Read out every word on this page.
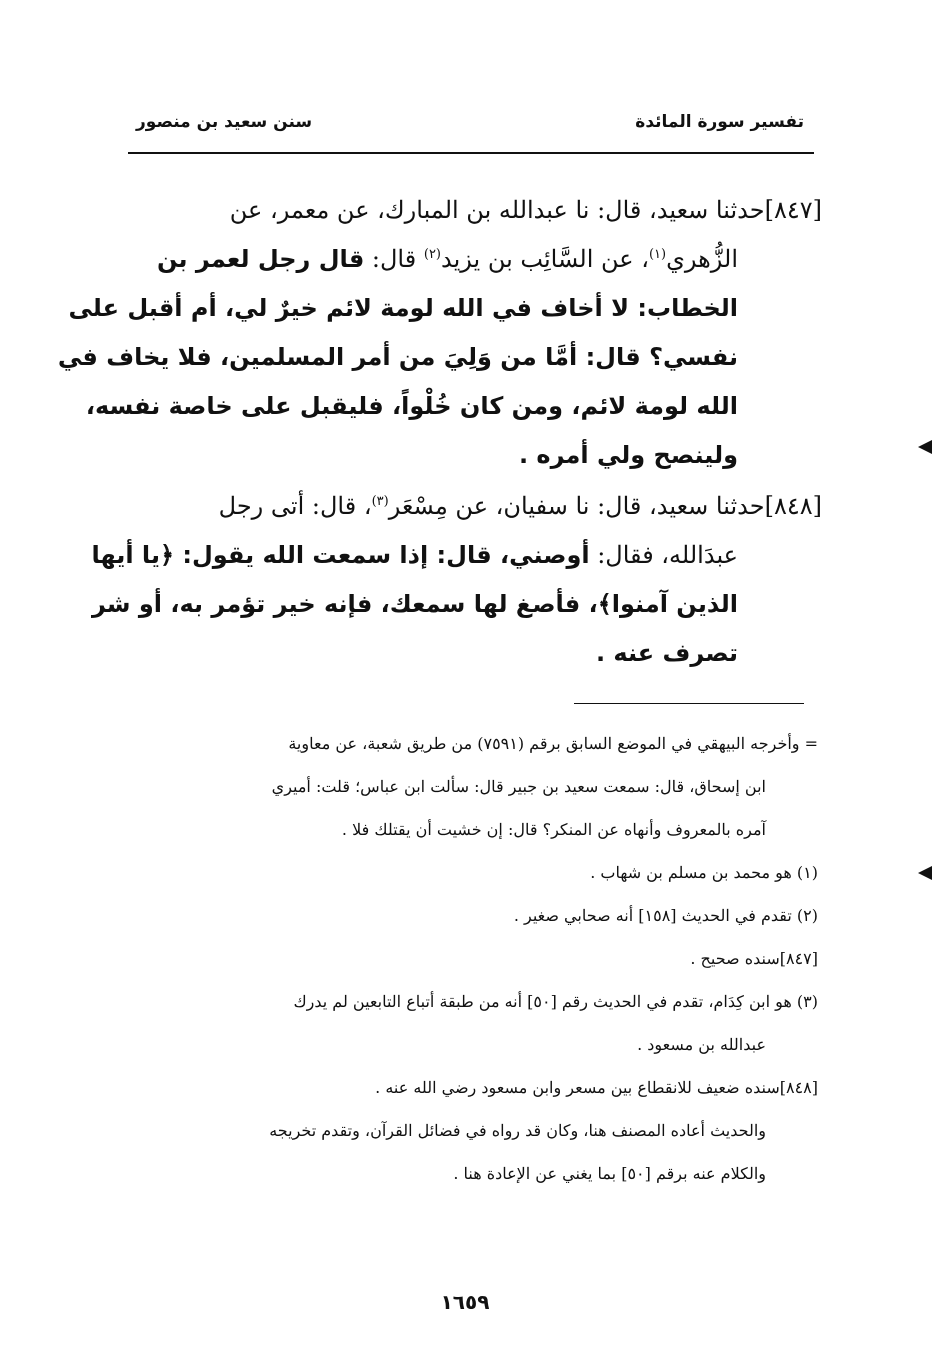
تفسير سورة المائدة
سنن سعيد بن منصور
[٨٤٧]حدثنا سعيد، قال: نا عبدالله بن المبارك، عن معمر، عن
الزُّهري$^{(١)}$، عن السَّائِب بن يزيد$^{(٢)}$ قال: قال رجل لعمر بن
الخطاب: لا أخاف في الله لومة لائم خيرٌ لي، أم أقبل على
نفسي؟ قال: أمَّا من وَلِيَ من أمر المسلمين، فلا يخاف في
الله لومة لائم، ومن كان خُلْواً، فليقبل على خاصة نفسه،
ولينصح ولي أمره .
[٨٤٨]حدثنا سعيد، قال: نا سفيان، عن مِسْعَر$^{(٣)}$، قال: أتى رجل
عبدَالله، فقال: أوصني، قال: إذا سمعت الله يقول: ﴿يا أيها
الذين آمنوا﴾، فأصغ لها سمعك، فإنه خير تؤمر به، أو شر
تصرف عنه .
= وأخرجه البيهقي في الموضع السابق برقم (٧٥٩١) من طريق شعبة، عن معاوية
ابن إسحاق، قال: سمعت سعيد بن جبير قال: سألت ابن عباس؛ قلت: أميري
آمره بالمعروف وأنهاه عن المنكر؟ قال: إن خشيت أن يقتلك فلا .
(١) هو محمد بن مسلم بن شهاب .
(٢) تقدم في الحديث [١٥٨] أنه صحابي صغير .
[٨٤٧]سنده صحيح .
(٣) هو ابن كِدَام، تقدم في الحديث رقم [٥٠] أنه من طبقة أتباع التابعين لم يدرك
عبدالله بن مسعود .
[٨٤٨]سنده ضعيف للانقطاع بين مسعر وابن مسعود رضي الله عنه .
والحديث أعاده المصنف هنا، وكان قد رواه في فضائل القرآن، وتقدم تخريجه
والكلام عنه برقم [٥٠] بما يغني عن الإعادة هنا .
١٦٥٩
